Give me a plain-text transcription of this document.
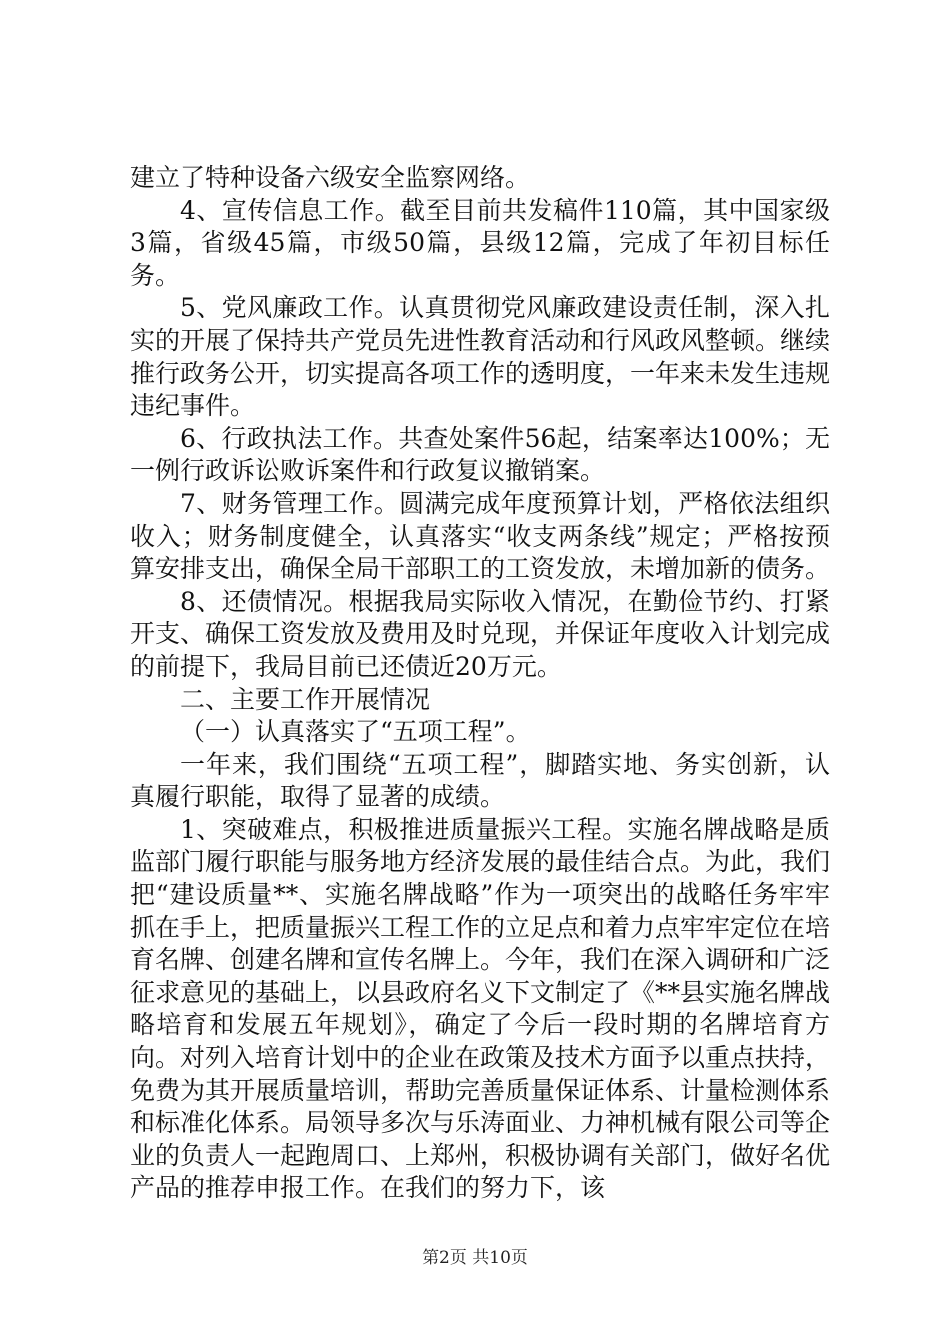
建立了特种设备六级安全监察网络。

4、宣传信息工作。截至目前共发稿件110篇，其中国家级3篇，省级45篇，市级50篇，县级12篇，完成了年初目标任务。

5、党风廉政工作。认真贯彻党风廉政建设责任制，深入扎实的开展了保持共产党员先进性教育活动和行风政风整顿。继续推行政务公开，切实提高各项工作的透明度，一年来未发生违规违纪事件。

6、行政执法工作。共查处案件56起，结案率达100%；无一例行政诉讼败诉案件和行政复议撤销案。

7、财务管理工作。圆满完成年度预算计划，严格依法组织收入；财务制度健全，认真落实“收支两条线”规定；严格按预算安排支出，确保全局干部职工的工资发放，未增加新的债务。

8、还债情况。根据我局实际收入情况，在勤俭节约、打紧开支、确保工资发放及费用及时兑现，并保证年度收入计划完成的前提下，我局目前已还债近20万元。

二、主要工作开展情况

（一）认真落实了“五项工程”。

一年来，我们围绕“五项工程”，脚踏实地、务实创新，认真履行职能，取得了显著的成绩。

1、突破难点，积极推进质量振兴工程。实施名牌战略是质监部门履行职能与服务地方经济发展的最佳结合点。为此，我们把“建设质量**、实施名牌战略”作为一项突出的战略任务牢牢抓在手上，把质量振兴工程工作的立足点和着力点牢牢定位在培育名牌、创建名牌和宣传名牌上。今年，我们在深入调研和广泛征求意见的基础上，以县政府名义下文制定了《**县实施名牌战略培育和发展五年规划》，确定了今后一段时期的名牌培育方向。对列入培育计划中的企业在政策及技术方面予以重点扶持，免费为其开展质量培训，帮助完善质量保证体系、计量检测体系和标准化体系。局领导多次与乐涛面业、力神机械有限公司等企业的负责人一起跑周口、上郑州，积极协调有关部门，做好名优产品的推荐申报工作。在我们的努力下，该

第2页 共10页
